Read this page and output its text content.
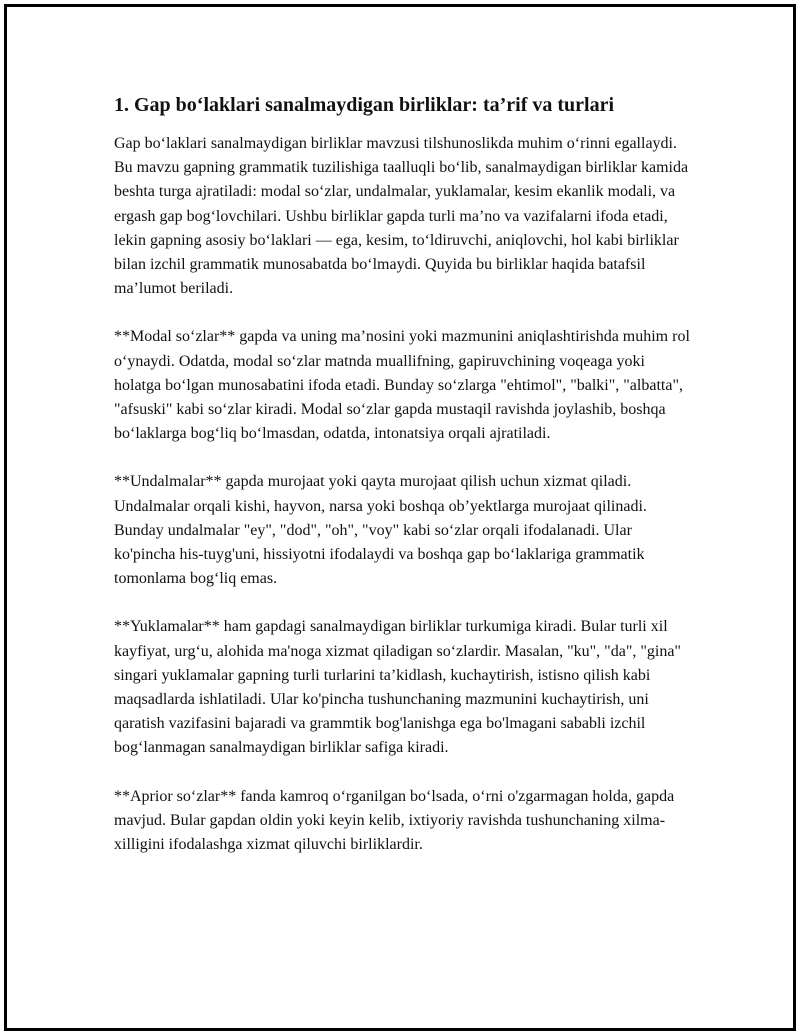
1. Gap bo‘laklari sanalmaydigan birliklar: ta’rif va turlari

Gap bo‘laklari sanalmaydigan birliklar mavzusi tilshunoslikda muhim o‘rinni egallaydi. Bu mavzu gapning grammatik tuzilishiga taalluqli bo‘lib, sanalmaydigan birliklar kamida beshta turga ajratiladi: modal so‘zlar, undalmalar, yuklamalar, kesim ekanlik modali, va ergash gap bog‘lovchilari. Ushbu birliklar gapda turli ma’no va vazifalarni ifoda etadi, lekin gapning asosiy bo‘laklari — ega, kesim, to‘ldiruvchi, aniqlovchi, hol kabi birliklar bilan izchil grammatik munosabatda bo‘lmaydi. Quyida bu birliklar haqida batafsil ma’lumot beriladi.

**Modal so‘zlar** gapda va uning ma’nosini yoki mazmunini aniqlashtirishda muhim rol o‘ynaydi. Odatda, modal so‘zlar matnda muallifning, gapiruvchining voqeaga yoki holatga bo‘lgan munosabatini ifoda etadi. Bunday so‘zlarga "ehtimol", "balki", "albatta", "afsuski" kabi so‘zlar kiradi. Modal so‘zlar gapda mustaqil ravishda joylashib, boshqa bo‘laklarga bog‘liq bo‘lmasdan, odatda, intonatsiya orqali ajratiladi.

**Undalmalar** gapda murojaat yoki qayta murojaat qilish uchun xizmat qiladi. Undalmalar orqali kishi, hayvon, narsa yoki boshqa ob’yektlarga murojaat qilinadi. Bunday undalmalar "ey", "dod", "oh", "voy" kabi so‘zlar orqali ifodalanadi. Ular ko'pincha his-tuyg'uni, hissiyotni ifodalaydi va boshqa gap bo‘laklariga grammatik tomonlama bog‘liq emas.

**Yuklamalar** ham gapdagi sanalmaydigan birliklar turkumiga kiradi. Bular turli xil kayfiyat, urg‘u, alohida ma'noga xizmat qiladigan so‘zlardir. Masalan, "ku", "da", "gina" singari yuklamalar gapning turli turlarini ta’kidlash, kuchaytirish, istisno qilish kabi maqsadlarda ishlatiladi. Ular ko'pincha tushunchaning mazmunini kuchaytirish, uni qaratish vazifasini bajaradi va grammtik bog'lanishga ega bo'lmagani sababli izchil bog‘lanmagan sanalmaydigan birliklar safiga kiradi.

**Aprior so‘zlar** fanda kamroq o‘rganilgan bo‘lsada, o‘rni o'zgarmagan holda, gapda mavjud. Bular gapdan oldin yoki keyin kelib, ixtiyoriy ravishda tushunchaning xilma-xilligini ifodalashga xizmat qiluvchi birliklardir.
